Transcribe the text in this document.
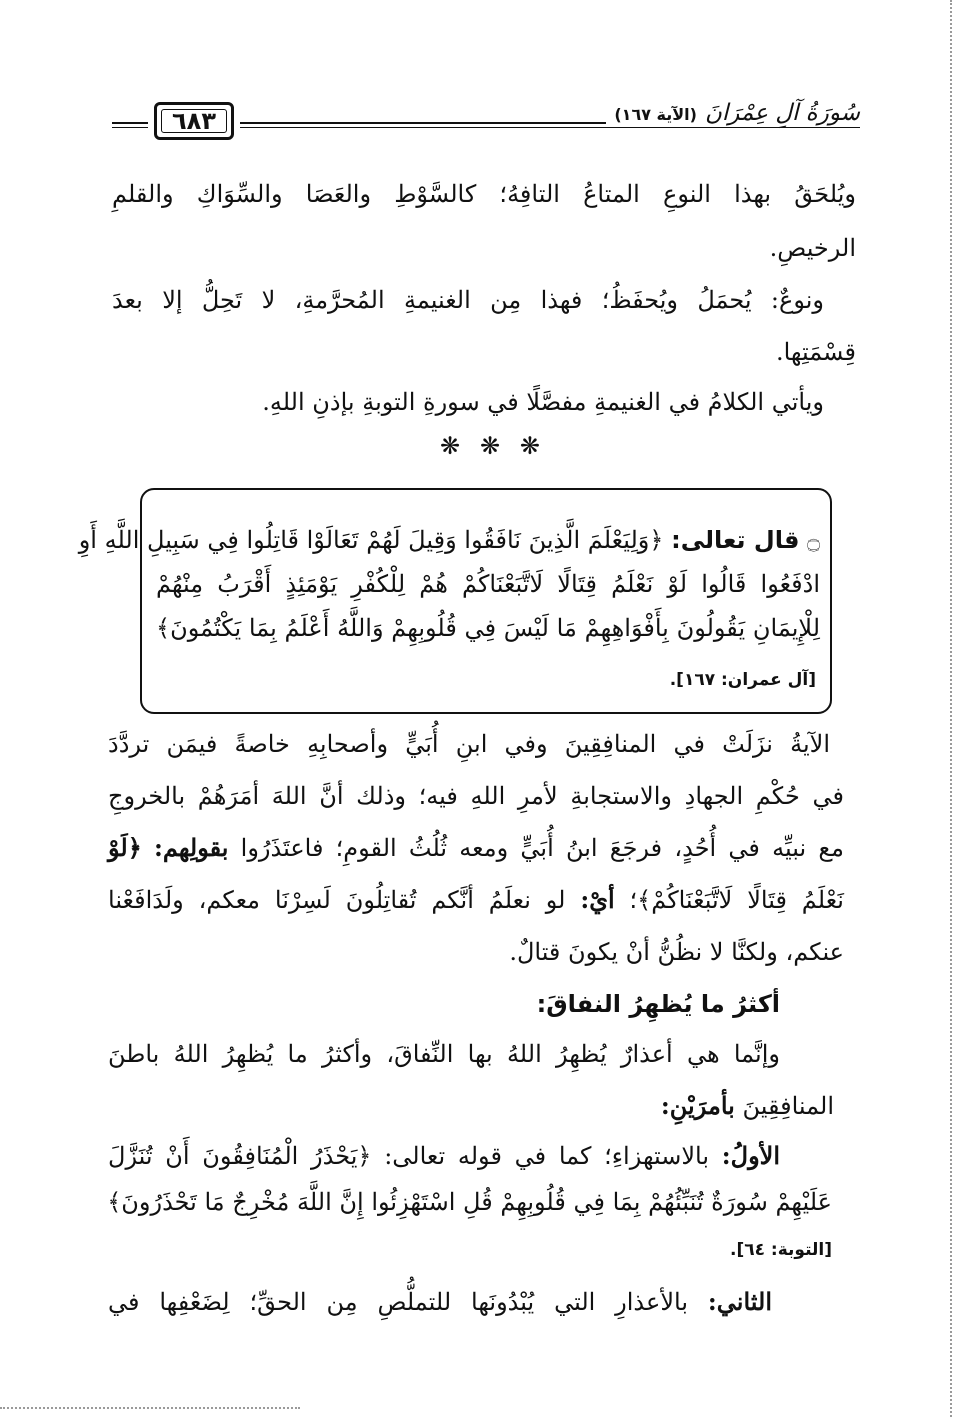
٦٨٣	سُورَةُ آلِ عِمْرَانَ
(الآية ١٦٧)
ويُلحَقُ بهذا النوعِ المتاعُ التافِهُ؛ كالسَّوْطِ والعَصَا والسِّوَاكِ والقلمِ
الرخيصِ.
ونوعٌ: يُحمَلُ ويُحفَظُ؛ فهذا مِن الغنيمةِ المُحرَّمةِ، لا تَحِلُّ إلا بعدَ
قِسْمَتِها.
ويأتي الكلامُ في الغنيمةِ مفصَّلًا في سورةِ التوبةِ بإذنِ اللهِ.
❋ ❋ ❋
۝ قال تعالى: ﴿وَلِيَعْلَمَ الَّذِينَ نَافَقُوا وَقِيلَ لَهُمْ تَعَالَوْا قَاتِلُوا فِي سَبِيلِ اللَّهِ أَوِ
ادْفَعُوا قَالُوا لَوْ نَعْلَمُ قِتَالًا لَاتَّبَعْنَاكُمْ هُمْ لِلْكُفْرِ يَوْمَئِذٍ أَقْرَبُ مِنْهُمْ
لِلْإِيمَانِ يَقُولُونَ بِأَفْوَاهِهِمْ مَا لَيْسَ فِي قُلُوبِهِمْ وَاللَّهُ أَعْلَمُ بِمَا يَكْتُمُونَ﴾
[آل عمران: ١٦٧].
الآيةُ نزَلَتْ في المنافِقِينَ وفي ابنِ أُبَيٍّ وأصحابِهِ خاصةً فيمَن تردَّدَ
في حُكْمِ الجهادِ والاستجابةِ لأمرِ اللهِ فيه؛ وذلك أنَّ اللهَ أمَرَهُمْ بالخروجِ
مع نبيِّه في أُحُدٍ، فرجَعَ ابنُ أُبَيٍّ ومعه ثُلُثُ القومِ؛ فاعتَذَرُوا بقولِهم: ﴿لَوْ
نَعْلَمُ قِتَالًا لَاتَّبَعْنَاكُمْ﴾؛ أيْ: لو نعلَمُ أنَّكم تُقاتِلُونَ لَسِرْنَا معكم، ولَدَافَعْنا
عنكم، ولكنَّا لا نظُنُّ أنْ يكونَ قتالٌ.
أكثرُ ما يُظهِرُ النفاقَ:
وإنَّما هي أعذارٌ يُظهِرُ اللهُ بها النِّفاقَ، وأكثرُ ما يُظهِرُ اللهُ باطنَ
المنافِقِينَ بأمرَيْنِ:
الأولُ: بالاستهزاءِ؛ كما في قوله تعالى: ﴿يَحْذَرُ الْمُنَافِقُونَ أَنْ تُنَزَّلَ
عَلَيْهِمْ سُورَةٌ تُنَبِّئُهُمْ بِمَا فِي قُلُوبِهِمْ قُلِ اسْتَهْزِئُوا إِنَّ اللَّهَ مُخْرِجٌ مَا تَحْذَرُونَ﴾
[التوبة: ٦٤].
الثاني: بالأعذارِ التي يُبْدُونَها للتملُّصِ مِن الحقِّ؛ لِضَعْفِها في
